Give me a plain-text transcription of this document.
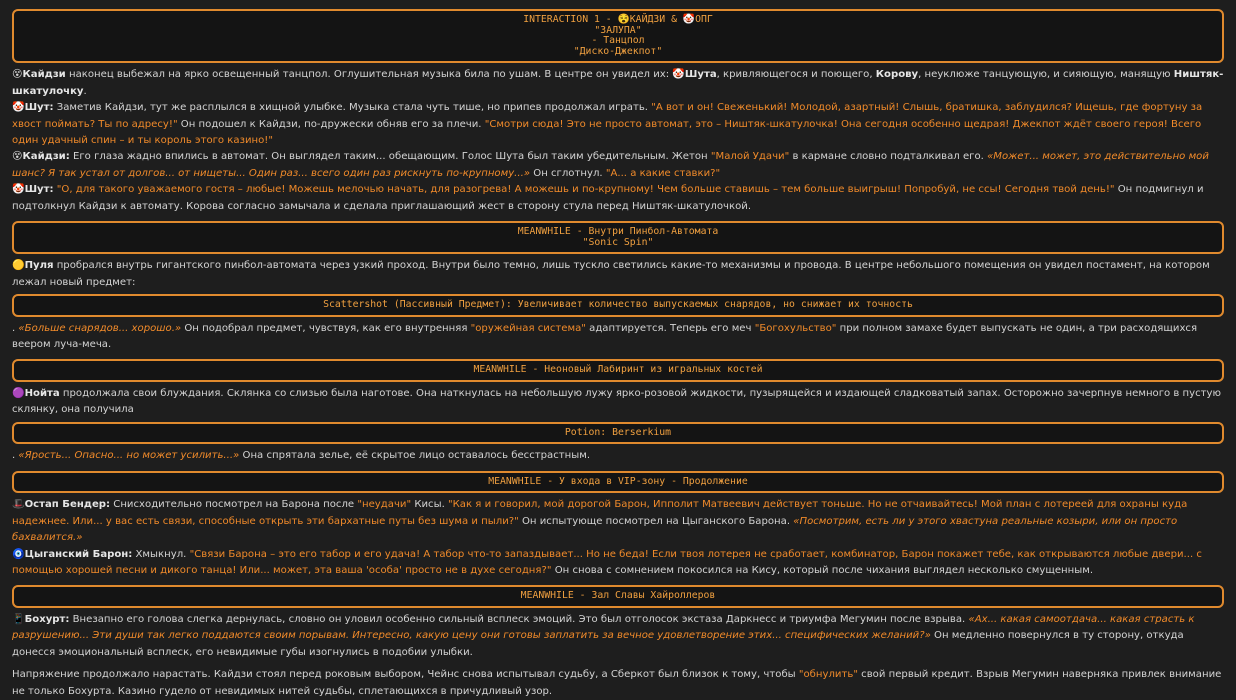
INTERACTION 1 - 😵КАЙДЗИ & 🤡ОПГ
"ЗАЛУПА"
- Танцпол
"Диско-Джекпот"

😵Кайдзи наконец выбежал на ярко освещенный танцпол. Оглушительная музыка била по ушам. В центре он увидел их: 🤡Шута, кривляющегося и поющего, Корову, неуклюже танцующую, и сияющую, манящую Ништяк-шкатулочку.

🤡Шут: Заметив Кайдзи, тут же расплылся в хищной улыбке. Музыка стала чуть тише, но припев продолжал играть. "А вот и он! Свеженький! Молодой, азартный! Слышь, братишка, заблудился? Ищешь, где фортуну за хвост поймать? Ты по адресу!" Он подошел к Кайдзи, по-дружески обняв его за плечи. "Смотри сюда! Это не просто автомат, это – Ништяк-шкатулочка! Она сегодня особенно щедрая! Джекпот ждёт своего героя! Всего один удачный спин – и ты король этого казино!"

😵Кайдзи: Его глаза жадно впились в автомат. Он выглядел таким... обещающим. Голос Шута был таким убедительным. Жетон "Малой Удачи" в кармане словно подталкивал его. «Может... может, это действительно мой шанс? Я так устал от долгов... от нищеты... Один раз... всего один раз рискнуть по-крупному...» Он сглотнул. "А... а какие ставки?"

🤡Шут: "О, для такого уважаемого гостя – любые! Можешь мелочью начать, для разогрева! А можешь и по-крупному! Чем больше ставишь – тем больше выигрыш! Попробуй, не ссы! Сегодня твой день!" Он подмигнул и подтолкнул Кайдзи к автомату. Корова согласно замычала и сделала приглашающий жест в сторону стула перед Ништяк-шкатулочкой.

MEANWHILE - Внутри Пинбол-Автомата
"Sonic Spin"

🟡Пуля пробрался внутрь гигантского пинбол-автомата через узкий проход. Внутри было темно, лишь тускло светились какие-то механизмы и провода. В центре небольшого помещения он увидел постамент, на котором лежал новый предмет:

Scattershot (Пассивный Предмет): Увеличивает количество выпускаемых снарядов, но снижает их точность

. «Больше снарядов... хорошо.» Он подобрал предмет, чувствуя, как его внутренняя "оружейная система" адаптируется. Теперь его меч "Богохульство" при полном замахе будет выпускать не один, а три расходящихся веером луча-меча.

MEANWHILE - Неоновый Лабиринт из игральных костей

🟣Нойта продолжала свои блуждания. Склянка со слизью была наготове. Она наткнулась на небольшую лужу ярко-розовой жидкости, пузырящейся и издающей сладковатый запах. Осторожно зачерпнув немного в пустую склянку, она получила

Potion: Berserkium

. «Ярость... Опасно... но может усилить...» Она спрятала зелье, её скрытое лицо оставалось бесстрастным.

MEANWHILE - У входа в VIP-зону - Продолжение

🎩Остап Бендер: Снисходительно посмотрел на Барона после "неудачи" Кисы. "Как я и говорил, мой дорогой Барон, Ипполит Матвеевич действует тоньше. Но не отчаивайтесь! Мой план с лотереей для охраны куда надежнее. Или... у вас есть связи, способные открыть эти бархатные путы без шума и пыли?" Он испытующе посмотрел на Цыганского Барона. «Посмотрим, есть ли у этого хвастуна реальные козыри, или он просто бахвалится.»

🧿Цыганский Барон: Хмыкнул. "Связи Барона – это его табор и его удача! А табор что-то запаздывает... Но не беда! Если твоя лотерея не сработает, комбинатор, Барон покажет тебе, как открываются любые двери... с помощью хорошей песни и дикого танца! Или... может, эта ваша 'особа' просто не в духе сегодня?" Он снова с сомнением покосился на Кису, который после чихания выглядел несколько смущенным.

MEANWHILE - Зал Славы Хайроллеров

📱Бохурт: Внезапно его голова слегка дернулась, словно он уловил особенно сильный всплеск эмоций. Это был отголосок экстаза Даркнесс и триумфа Мегумин после взрыва. «Ах... какая самоотдача... какая страсть к разрушению... Эти души так легко поддаются своим порывам. Интересно, какую цену они готовы заплатить за вечное удовлетворение этих... специфических желаний?» Он медленно повернулся в ту сторону, откуда донесся эмоциональный всплеск, его невидимые губы изогнулись в подобии улыбки.

Напряжение продолжало нарастать. Кайдзи стоял перед роковым выбором, Чейнс снова испытывал судьбу, а Сберкот был близок к тому, чтобы "обнулить" свой первый кредит. Взрыв Мегумин наверняка привлек внимание не только Бохурта. Казино гудело от невидимых нитей судьбы, сплетающихся в причудливый узор.
